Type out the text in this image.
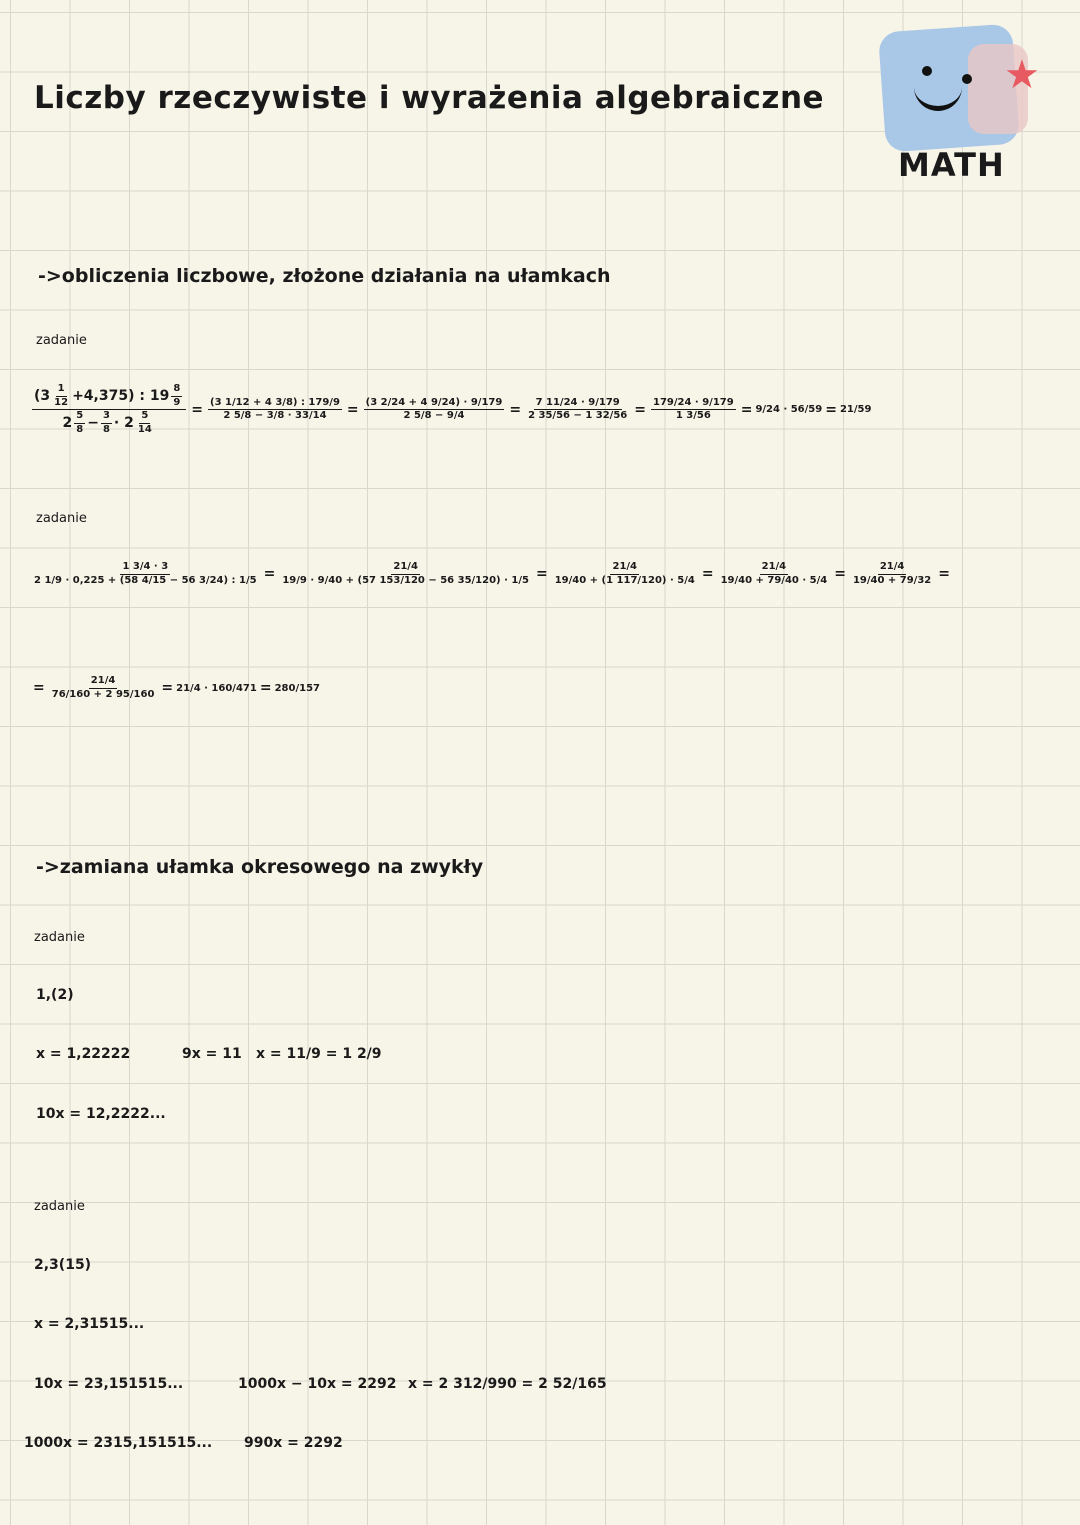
Liczby rzeczywiste i wyrażenia algebraiczne	★
MATH
->obliczenia liczbowe, złożone działania na ułamkach
zadanie
$\frac{(3 \frac{1}{12} +4,375) : 19 \frac{8}{9}}{2 \frac{5}{8} - \frac{3}{8} \cdot 2 \frac{5}{14}} = \frac{(3 1/12 + 4 3/8) : 179/9}{2 5/8 - 3/8 \cdot 33/14} = \frac{(3 2/24 + 4 9/24) \cdot 9/179}{2 5/8 - 9/4} = \frac{7 11/24 \cdot 9/179}{2 35/56 - 1 32/56} = \frac{179/24 \cdot 9/179}{1 3/56} = 9/24 \cdot 56/59 = 21/59$
zadanie
$\frac{1 3/4 \cdot 3}{2 1/9 \cdot 0,225 + (58 4/15 - 56 3/24) : 1/5} = \frac{21/4}{19/9 \cdot 9/40 + (57 153/120 - 56 35/120) \cdot 1/5} = \frac{21/4}{19/40 + (1 117/120) \cdot 5/4} = \frac{21/4}{19/40 + 79/40 \cdot 5/4} = \frac{21/4}{19/40 + 79/32}$ =
= $\frac{21/4}{76/160 + 2 95/160} = 21/4 \cdot 160/471 = 280/157$
->zamiana ułamka okresowego na zwykły
zadanie
1,(2)
x = 1,22222
10x = 12,2222...
9x = 11 x = 11/9 = 1 2/9
zadanie
2,3(15)
x = 2,31515...
10x = 23,151515...
1000x = 2315,151515...
1000x − 10x = 2292
990x = 2292
x = 2 312/990 = 2 52/165
